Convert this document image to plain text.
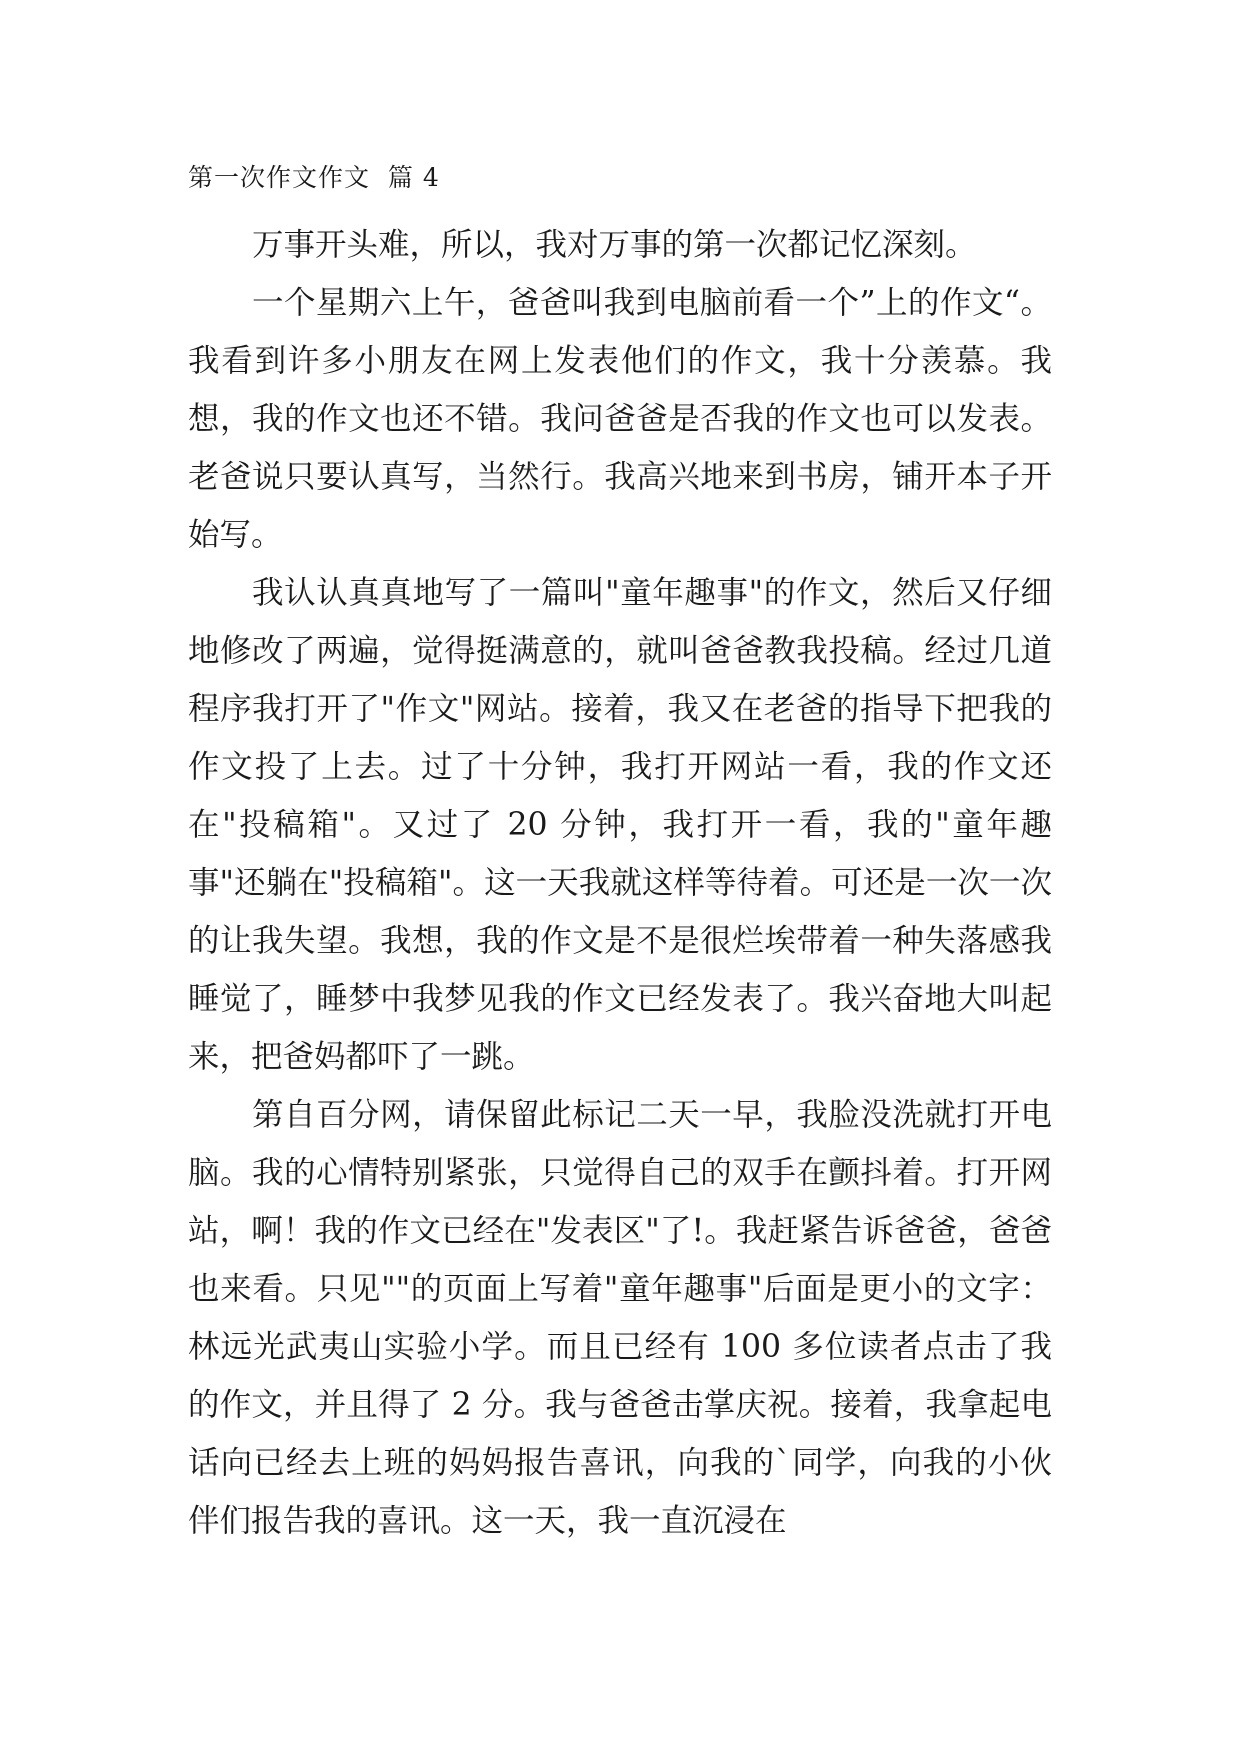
第一次作文作文  篇 4

万事开头难，所以，我对万事的第一次都记忆深刻。

一个星期六上午，爸爸叫我到电脑前看一个”上的作文“。我看到许多小朋友在网上发表他们的作文，我十分羡慕。我想，我的作文也还不错。我问爸爸是否我的作文也可以发表。老爸说只要认真写，当然行。我高兴地来到书房，铺开本子开始写。

我认认真真地写了一篇叫"童年趣事"的作文，然后又仔细地修改了两遍，觉得挺满意的，就叫爸爸教我投稿。经过几道程序我打开了"作文"网站。接着，我又在老爸的指导下把我的作文投了上去。过了十分钟，我打开网站一看，我的作文还在"投稿箱"。又过了 20 分钟，我打开一看，我的"童年趣事"还躺在"投稿箱"。这一天我就这样等待着。可还是一次一次的让我失望。我想，我的作文是不是很烂埃带着一种失落感我睡觉了，睡梦中我梦见我的作文已经发表了。我兴奋地大叫起来，把爸妈都吓了一跳。

第自百分网，请保留此标记二天一早，我脸没洗就打开电脑。我的心情特别紧张，只觉得自己的双手在颤抖着。打开网站，啊！我的作文已经在"发表区"了!。我赶紧告诉爸爸，爸爸也来看。只见""的页面上写着"童年趣事"后面是更小的文字：林远光武夷山实验小学。而且已经有 100 多位读者点击了我的作文，并且得了 2 分。我与爸爸击掌庆祝。接着，我拿起电话向已经去上班的妈妈报告喜讯，向我的`同学，向我的小伙伴们报告我的喜讯。这一天，我一直沉浸在
